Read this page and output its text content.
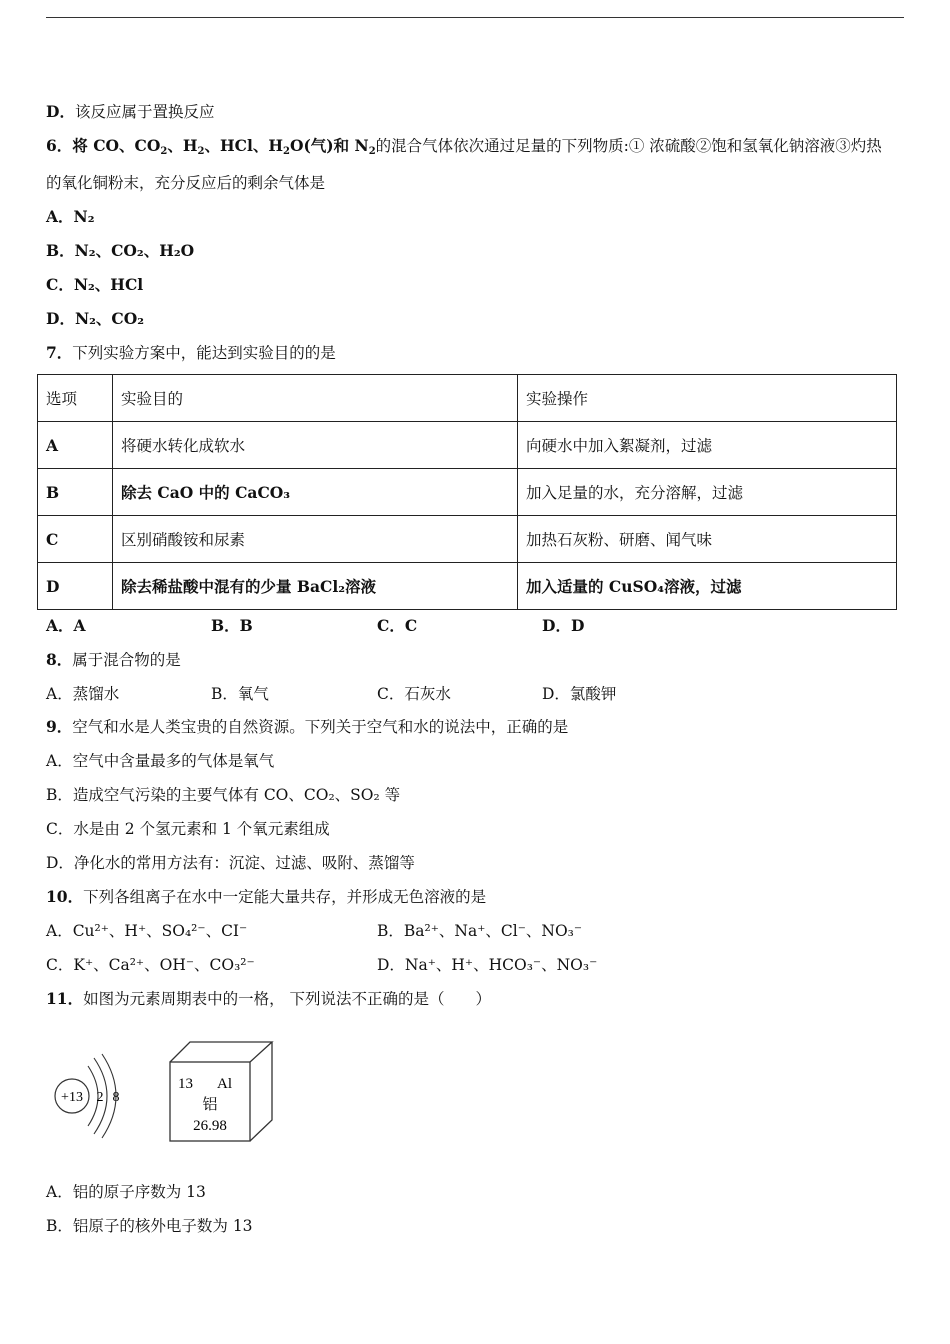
D．该反应属于置换反应
6．将 CO、$CO_2$、$H_2$、HCl、$H_2O$(气)和 $N_2$的混合气体依次通过足量的下列物质:① 浓硫酸②饱和氢氧化钠溶液③灼热
的氧化铜粉末，充分反应后的剩余气体是
A．N₂
B．N₂、CO₂、H₂O
C．N₂、HCl
D．N₂、CO₂
7．下列实验方案中，能达到实验目的的是
选项	实验目的	实验操作
A	将硬水转化成软水	向硬水中加入絮凝剂，过滤
B	除去 CaO 中的 CaCO₃	加入足量的水，充分溶解，过滤
C	区别硝酸铵和尿素	加热石灰粉、研磨、闻气味
D	除去稀盐酸中混有的少量 BaCl₂溶液	加入适量的 CuSO₄溶液，过滤
A．A	B．B	C．C	D．D
8．属于混合物的是
A．蒸馏水	B．氧气	C．石灰水	D．氯酸钾
9．空气和水是人类宝贵的自然资源。下列关于空气和水的说法中，正确的是
A．空气中含量最多的气体是氧气
B．造成空气污染的主要气体有 CO、CO₂、SO₂ 等
C．水是由 2 个氢元素和 1 个氧元素组成
D．净化水的常用方法有：沉淀、过滤、吸附、蒸馏等
10．下列各组离子在水中一定能大量共存，并形成无色溶液的是
A．Cu²⁺、H⁺、SO₄²⁻、CI⁻	B．Ba²⁺、Na⁺、Cl⁻、NO₃⁻
C．K⁺、Ca²⁺、OH⁻、CO₃²⁻	D．Na⁺、H⁺、HCO₃⁻、NO₃⁻
11．如图为元素周期表中的一格， 下列说法不正确的是（　　）
+13 2 8
13 Al
铝
26.98
A．铝的原子序数为 13
B．铝原子的核外电子数为 13
